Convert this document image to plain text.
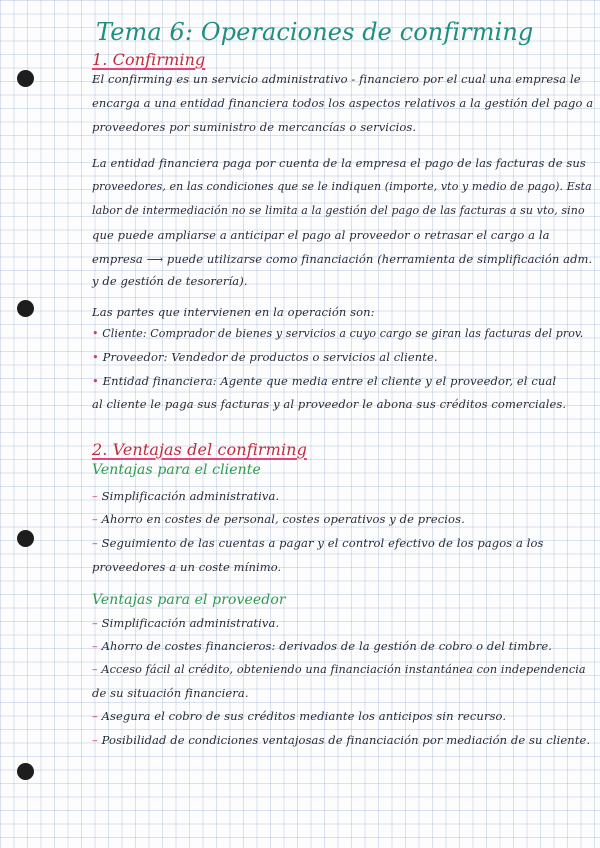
Tema 6: Operaciones de confirming
1. Confirming
El confirming es un servicio administrativo - financiero por el cual una empresa le
encarga a una entidad financiera todos los aspectos relativos a la gestión del pago a
proveedores por suministro de mercancías o servicios.
La entidad financiera paga por cuenta de la empresa el pago de las facturas de sus
proveedores, en las condiciones que se le indiquen (importe, vto y medio de pago). Esta
labor de intermediación no se limita a la gestión del pago de las facturas a su vto, sino
que puede ampliarse a anticipar el pago al proveedor o retrasar el cargo a la
empresa ⟶ puede utilizarse como financiación (herramienta de simplificación adm.
y de gestión de tesorería).
Las partes que intervienen en la operación son:
• Cliente: Comprador de bienes y servicios a cuyo cargo se giran las facturas del prov.
• Proveedor: Vendedor de productos o servicios al cliente.
• Entidad financiera: Agente que media entre el cliente y el proveedor, el cual
al cliente le paga sus facturas y al proveedor le abona sus créditos comerciales.
2. Ventajas del confirming
Ventajas para el cliente
– Simplificación administrativa.
– Ahorro en costes de personal, costes operativos y de precios.
– Seguimiento de las cuentas a pagar y el control efectivo de los pagos a los
proveedores a un coste mínimo.
Ventajas para el proveedor
– Simplificación administrativa.
– Ahorro de costes financieros: derivados de la gestión de cobro o del timbre.
– Acceso fácil al crédito, obteniendo una financiación instantánea con independencia
de su situación financiera.
– Asegura el cobro de sus créditos mediante los anticipos sin recurso.
– Posibilidad de condiciones ventajosas de financiación por mediación de su cliente.
